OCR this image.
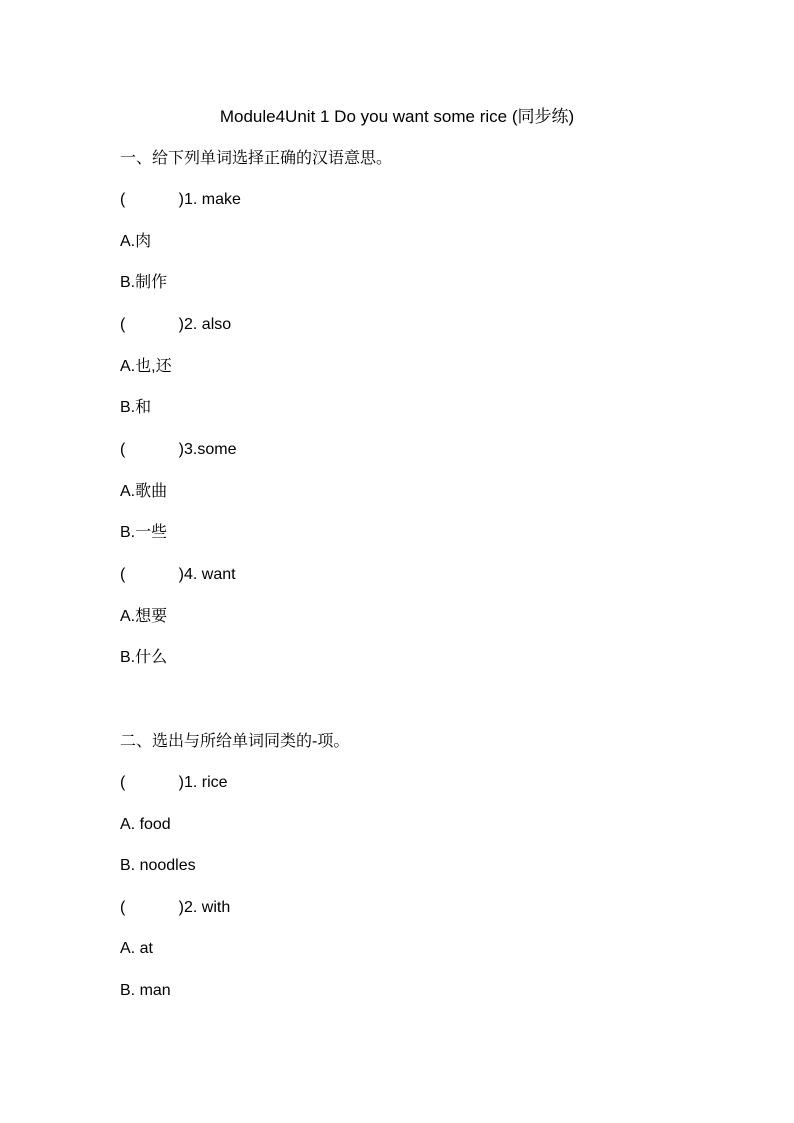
Module4Unit 1 Do you want some rice (同步练)
一、给下列单词选择正确的汉语意思。
(            )1. make
A.肉
B.制作
(            )2. also
A.也,还
B.和
(            )3.some
A.歌曲
B.一些
(            )4. want
A.想要
B.什么
二、选出与所给单词同类的-项。
(            )1. rice
A. food
B. noodles
(            )2. with
A. at
B. man
